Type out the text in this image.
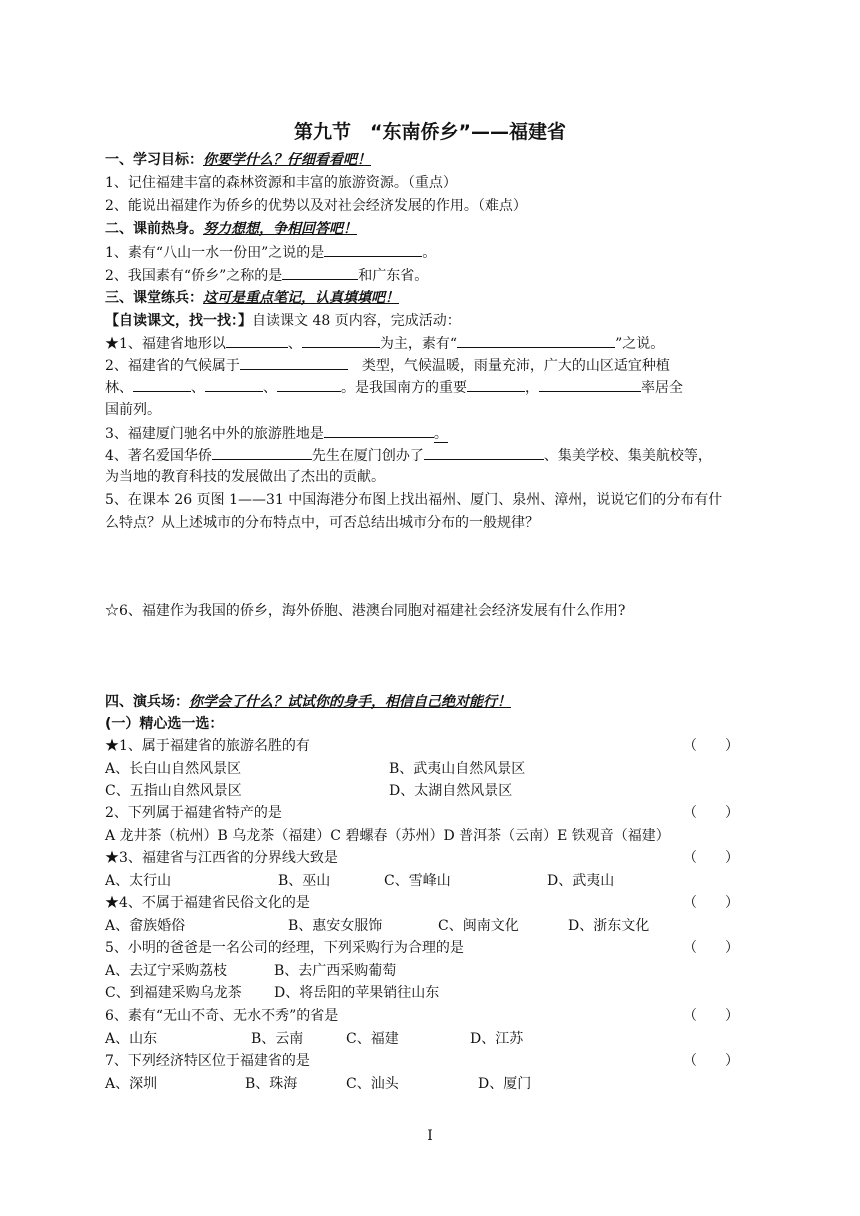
第九节　“东南侨乡”——福建省
一、学习目标：你要学什么？仔细看看吧！
1、记住福建丰富的森林资源和丰富的旅游资源。（重点）
2、能说出福建作为侨乡的优势以及对社会经济发展的作用。（难点）
二、课前热身。努力想想，争相回答吧！
1、素有“八山一水一份田”之说的是	。
2、我国素有“侨乡”之称的是	和广东省。
三、课堂练兵：这可是重点笔记，认真填填吧！
【自读课文，找一找：】自读课文 48 页内容，完成活动：
★1、福建省地形以	、	为主，素有“	”之说。
2、福建省的气候属于　	类型，气候温暖，雨量充沛，广大的山区适宜种植
林、	、	、	。是我国南方的重要	，	率居全
国前列。
3、福建厦门驰名中外的旅游胜地是	。
4、著名爱国华侨	先生在厦门创办了	、集美学校、集美航校等，
为当地的教育科技的发展做出了杰出的贡献。
5、在课本 26 页图 1——31 中国海港分布图上找出福州、厦门、泉州、漳州，说说它们的分布有什
么特点？从上述城市的分布特点中，可否总结出城市分布的一般规律？
☆6、福建作为我国的侨乡，海外侨胞、港澳台同胞对福建社会经济发展有什么作用?
四、演兵场：你学会了什么？试试你的身手，相信自己绝对能行！
(一）精心选一选：
★1、属于福建省的旅游名胜的有	（　　）
A、长白山自然风景区	B、武夷山自然风景区
C、五指山自然风景区	D、太湖自然风景区
2、下列属于福建省特产的是	（　　）
A 龙井茶（杭州）B 乌龙茶（福建）C 碧螺春（苏州）D 普洱茶（云南）E 铁观音（福建）
★3、福建省与江西省的分界线大致是	（　　）
A、太行山	B、巫山	C、雪峰山	D、武夷山
★4、不属于福建省民俗文化的是	（　　）
A、畲族婚俗	B、惠安女服饰	C、闽南文化	D、浙东文化
5、小明的爸爸是一名公司的经理，下列采购行为合理的是	（　　）
A、去辽宁采购荔枝	B、去广西采购葡萄
C、到福建采购乌龙茶 D、将岳阳的苹果销往山东
6、素有“无山不奇、无水不秀”的省是	（　　）
A、山东	B、云南	C、福建	D、江苏
7、下列经济特区位于福建省的是	（　　）
A、深圳	B、珠海	C、汕头	D、厦门
I
